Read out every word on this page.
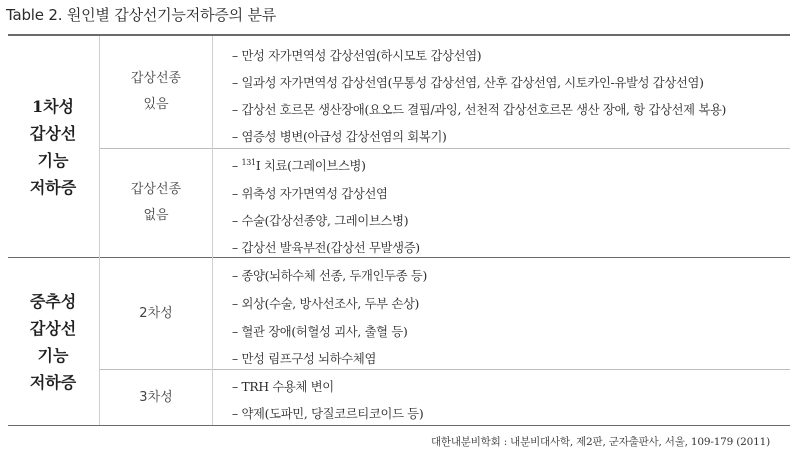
Table 2. 원인별 갑상선기능저하증의 분류
1차성
갑상선
기능
저하증
갑상선종
있음
– 만성 자가면역성 갑상선염(하시모토 갑상선염)
– 일과성 자가면역성 갑상선염(무통성 갑상선염, 산후 갑상선염, 시토카인-유발성 갑상선염)
– 갑상선 호르몬 생산장애(요오드 결핍/과잉, 선천적 갑상선호르몬 생산 장애, 항 갑상선제 복용)
– 염증성 병변(아급성 갑상선염의 회복기)
갑상선종
없음
– $^{131}$I 치료(그레이브스병)
– 위축성 자가면역성 갑상선염
– 수술(갑상선종양, 그레이브스병)
– 갑상선 발육부전(갑상선 무발생증)
중추성
갑상선
기능
저하증
2차성
– 종양(뇌하수체 선종, 두개인두종 등)
– 외상(수술, 방사선조사, 두부 손상)
– 혈관 장애(허혈성 괴사, 출혈 등)
– 만성 림프구성 뇌하수체염
3차성
– TRH 수용체 변이
– 약제(도파민, 당질코르티코이드 등)
대한내분비학회 : 내분비대사학, 제2판, 군자출판사, 서울, 109-179 (2011)
